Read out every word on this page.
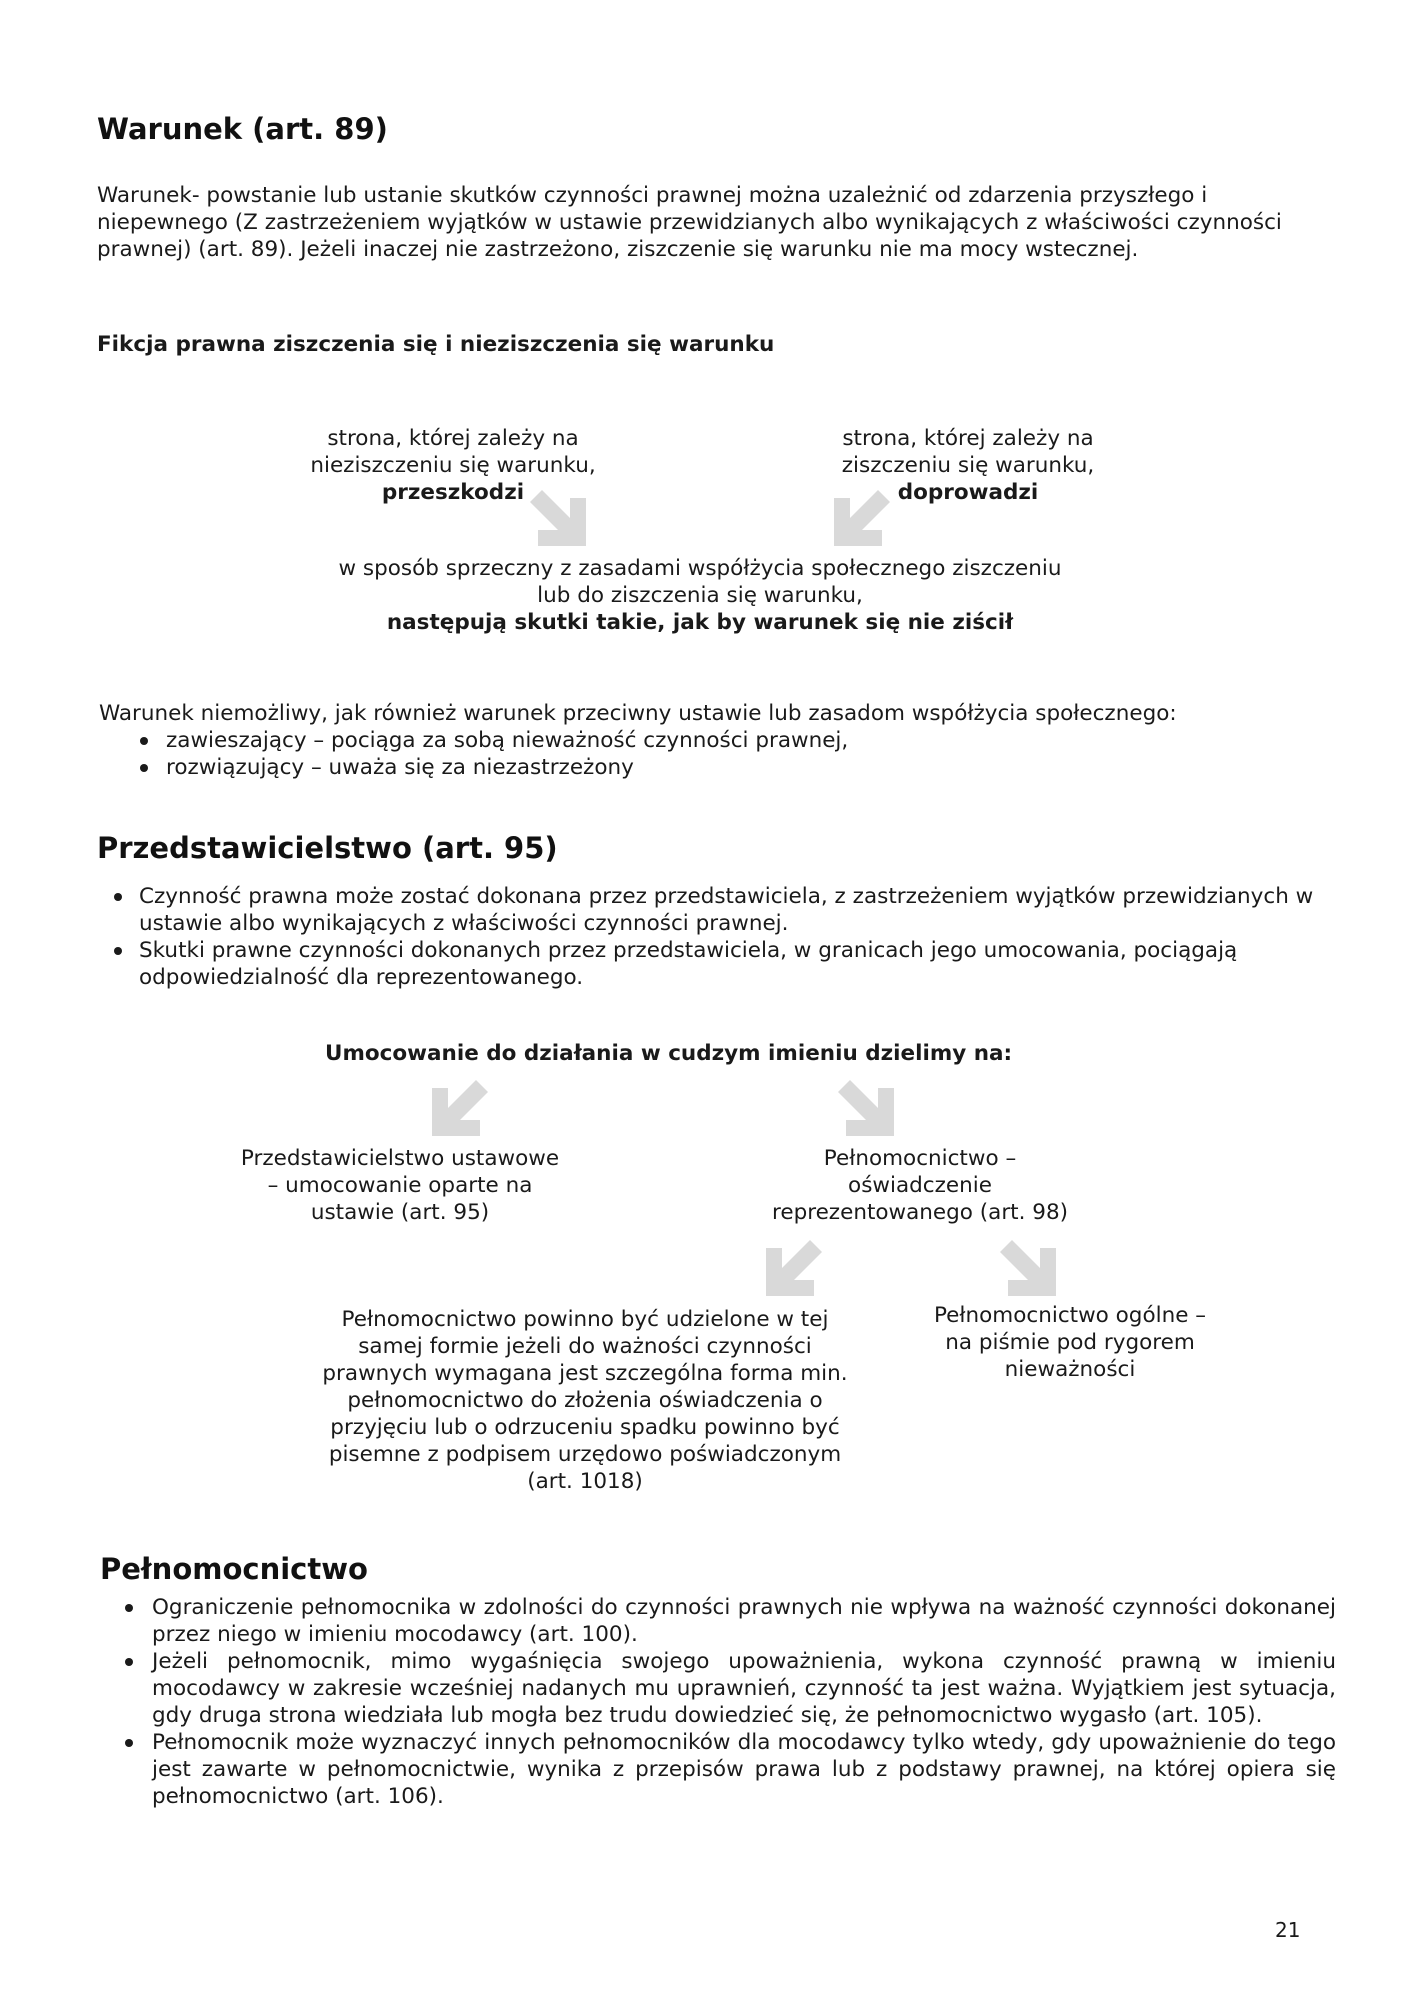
Warunek (art. 89)
Warunek- powstanie lub ustanie skutków czynności prawnej można uzależnić od zdarzenia przyszłego i
niepewnego (Z zastrzeżeniem wyjątków w ustawie przewidzianych albo wynikających z właściwości czynności
prawnej) (art. 89). Jeżeli inaczej nie zastrzeżono, ziszczenie się warunku nie ma mocy wstecznej.
Fikcja prawna ziszczenia się i nieziszczenia się warunku
strona, której zależy na
nieziszczeniu się warunku,
przeszkodzi
strona, której zależy na
ziszczeniu się warunku,
doprowadzi
w sposób sprzeczny z zasadami współżycia społecznego ziszczeniu
lub do ziszczenia się warunku,
następują skutki takie, jak by warunek się nie ziścił
Warunek niemożliwy, jak również warunek przeciwny ustawie lub zasadom współżycia społecznego:
zawieszający – pociąga za sobą nieważność czynności prawnej,
rozwiązujący – uważa się za niezastrzeżony
Przedstawicielstwo (art. 95)
Czynność prawna może zostać dokonana przez przedstawiciela, z zastrzeżeniem wyjątków przewidzianych w ustawie albo wynikających z właściwości czynności prawnej.
Skutki prawne czynności dokonanych przez przedstawiciela, w granicach jego umocowania, pociągają odpowiedzialność dla reprezentowanego.
Umocowanie do działania w cudzym imieniu dzielimy na:
Przedstawicielstwo ustawowe
– umocowanie oparte na
ustawie (art. 95)
Pełnomocnictwo –
oświadczenie
reprezentowanego (art. 98)
Pełnomocnictwo powinno być udzielone w tej
samej formie jeżeli do ważności czynności
prawnych wymagana jest szczególna forma min.
pełnomocnictwo do złożenia oświadczenia o
przyjęciu lub o odrzuceniu spadku powinno być
pisemne z podpisem urzędowo poświadczonym
(art. 1018)
Pełnomocnictwo ogólne –
na piśmie pod rygorem
nieważności
Pełnomocnictwo
Ograniczenie pełnomocnika w zdolności do czynności prawnych nie wpływa na ważność czynności dokonanej przez niego w imieniu mocodawcy (art. 100).
Jeżeli pełnomocnik, mimo wygaśnięcia swojego upoważnienia, wykona czynność prawną w imieniu mocodawcy w zakresie wcześniej nadanych mu uprawnień, czynność ta jest ważna. Wyjątkiem jest sytuacja, gdy druga strona wiedziała lub mogła bez trudu dowiedzieć się, że pełnomocnictwo wygasło (art. 105).
Pełnomocnik może wyznaczyć innych pełnomocników dla mocodawcy tylko wtedy, gdy upoważnienie do tego jest zawarte w pełnomocnictwie, wynika z przepisów prawa lub z podstawy prawnej, na której opiera się pełnomocnictwo (art. 106).
21
